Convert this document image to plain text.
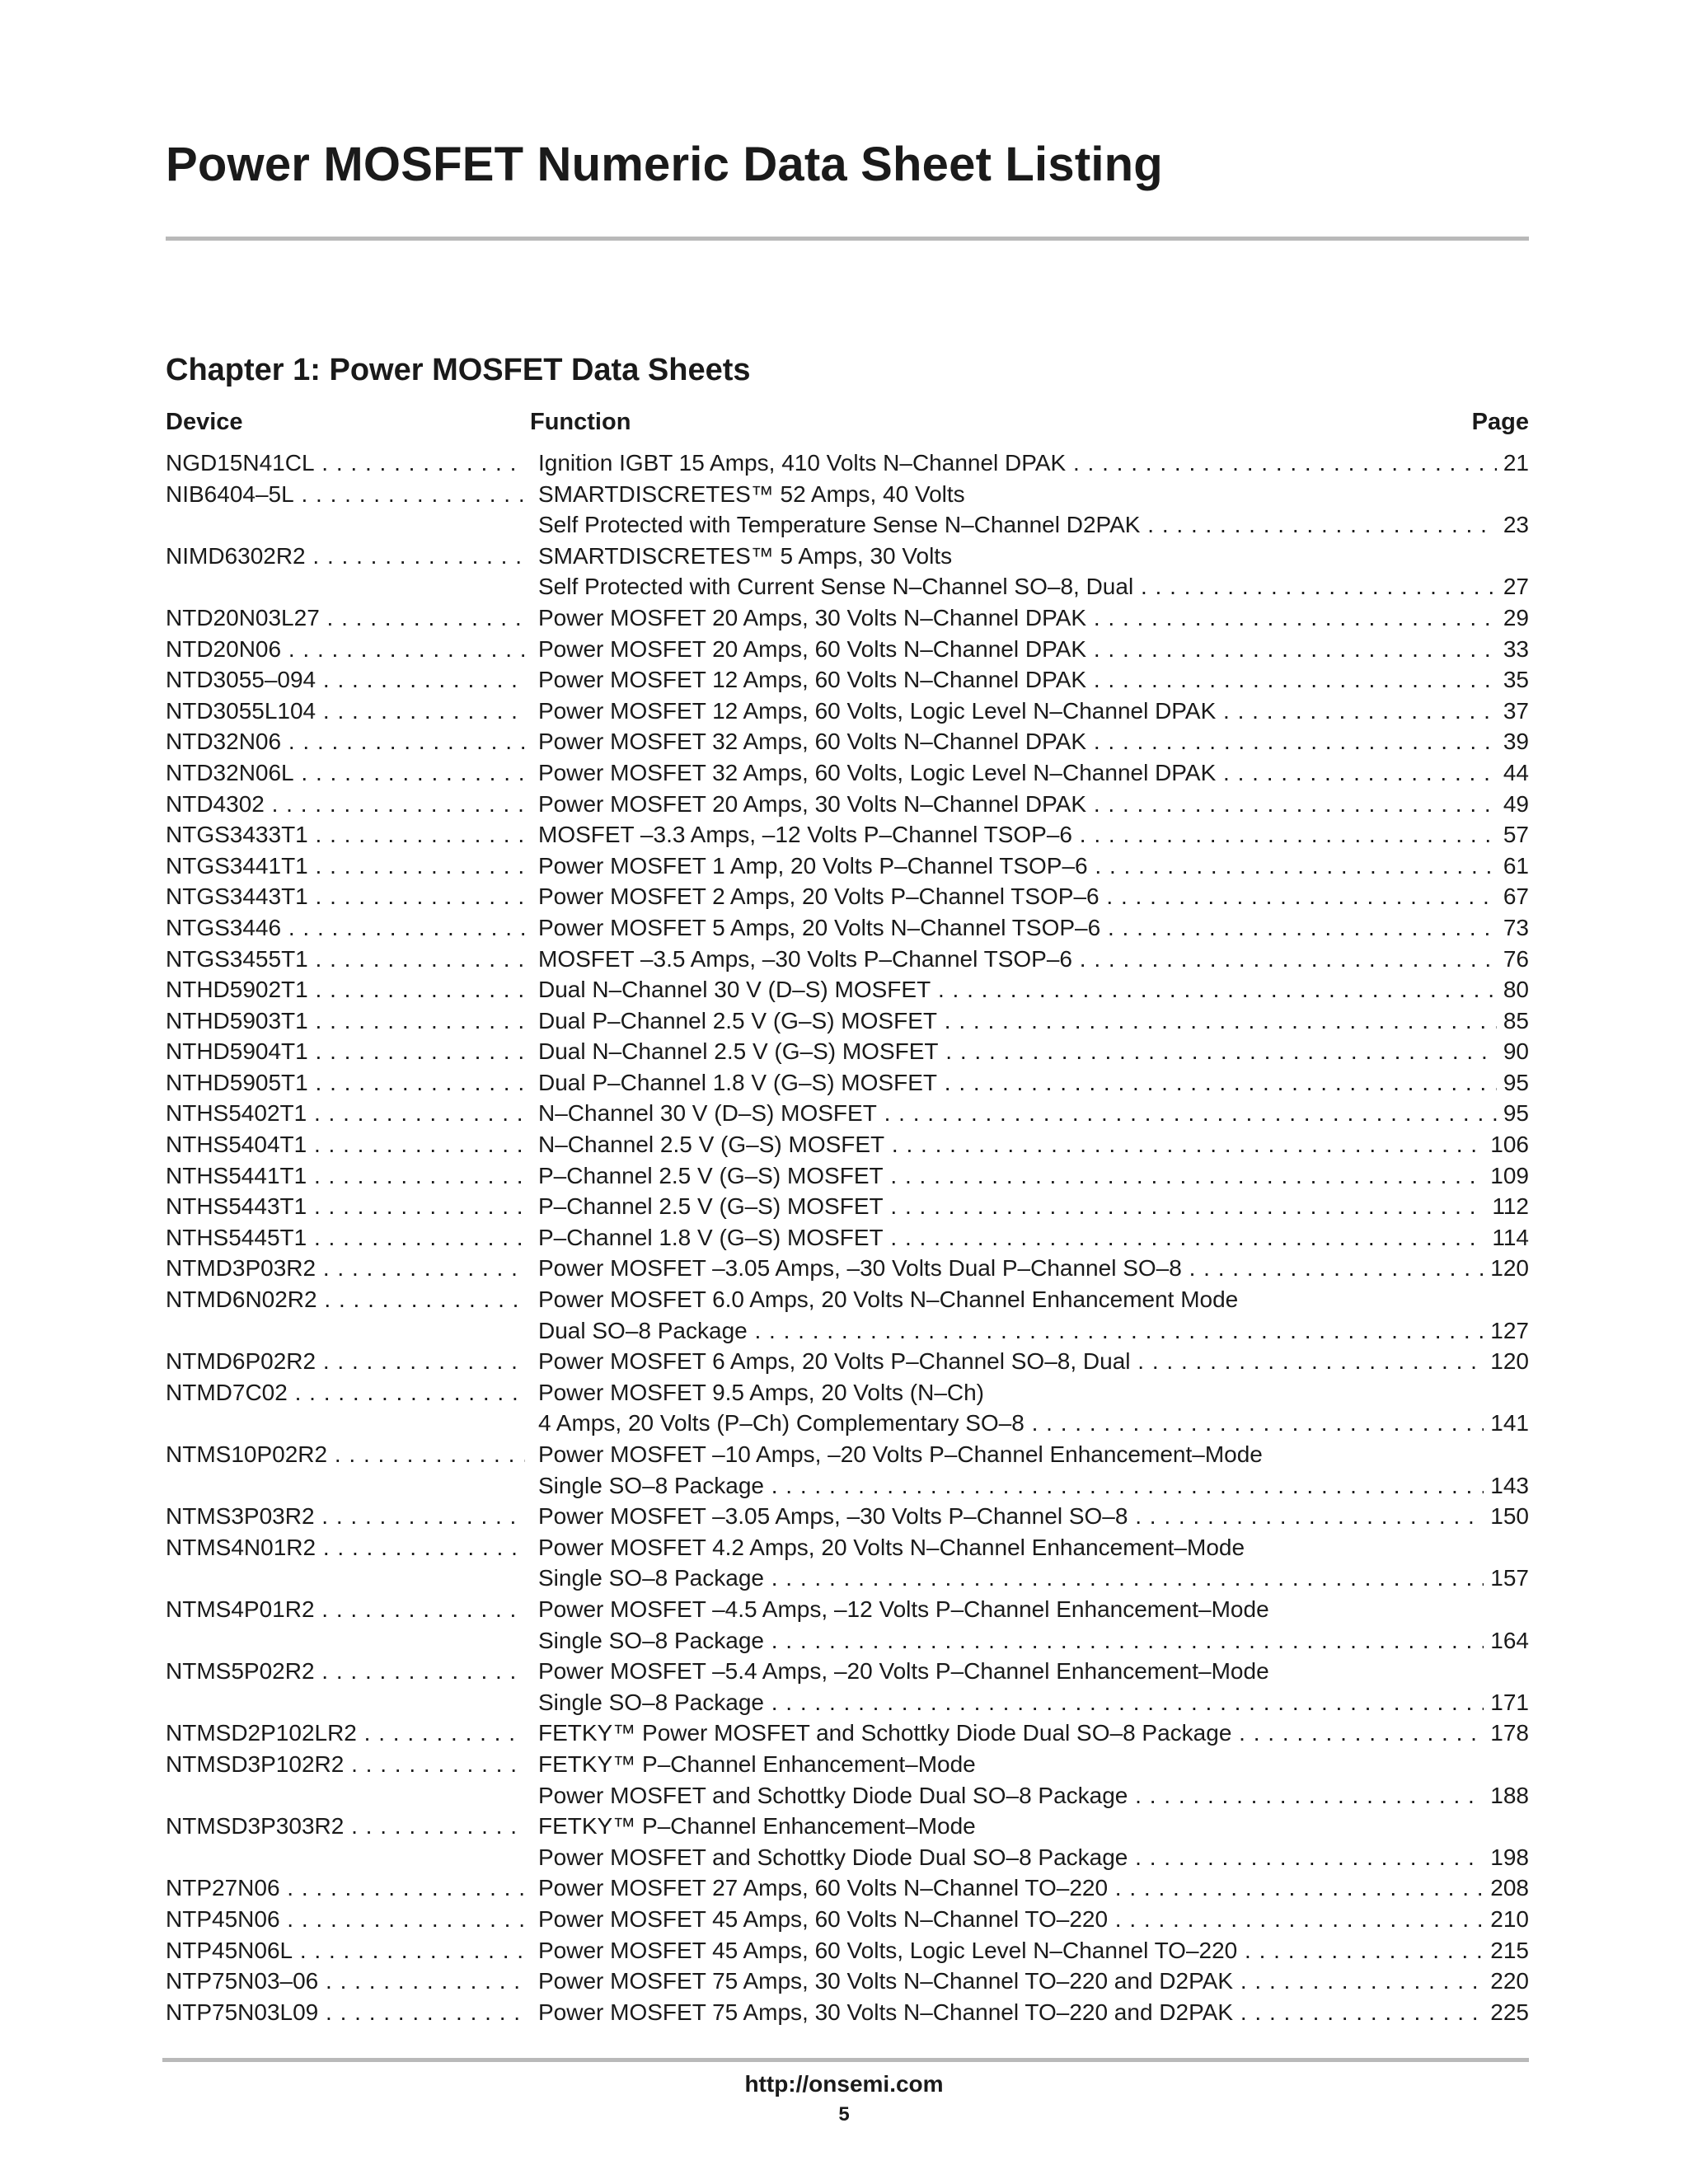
Power MOSFET Numeric Data Sheet Listing
Chapter 1: Power MOSFET Data Sheets
Device	Function	Page
NGD15N41CL . . .	Ignition IGBT 15 Amps, 410 Volts N–Channel DPAK . . .	21
NIB6404–5L . . .	SMARTDISCRETES™ 52 Amps, 40 Volts
Self Protected with Temperature Sense N–Channel D2PAK . . .	23
NIMD6302R2 . . .	SMARTDISCRETES™ 5 Amps, 30 Volts
Self Protected with Current Sense N–Channel SO–8, Dual . . .	27
NTD20N03L27 . . .	Power MOSFET 20 Amps, 30 Volts N–Channel DPAK . . .	29
NTD20N06 . . .	Power MOSFET 20 Amps, 60 Volts N–Channel DPAK . . .	33
NTD3055–094 . . .	Power MOSFET 12 Amps, 60 Volts N–Channel DPAK . . .	35
NTD3055L104 . . .	Power MOSFET 12 Amps, 60 Volts, Logic Level N–Channel DPAK . . .	37
NTD32N06 . . .	Power MOSFET 32 Amps, 60 Volts N–Channel DPAK . . .	39
NTD32N06L . . .	Power MOSFET 32 Amps, 60 Volts, Logic Level N–Channel DPAK . . .	44
NTD4302 . . .	Power MOSFET 20 Amps, 30 Volts N–Channel DPAK . . .	49
NTGS3433T1 . . .	MOSFET –3.3 Amps, –12 Volts P–Channel TSOP–6 . . .	57
NTGS3441T1 . . .	Power MOSFET 1 Amp, 20 Volts P–Channel TSOP–6 . . .	61
NTGS3443T1 . . .	Power MOSFET 2 Amps, 20 Volts P–Channel TSOP–6 . . .	67
NTGS3446 . . .	Power MOSFET 5 Amps, 20 Volts N–Channel TSOP–6 . . .	73
NTGS3455T1 . . .	MOSFET –3.5 Amps, –30 Volts P–Channel TSOP–6 . . .	76
NTHD5902T1 . . .	Dual N–Channel 30 V (D–S) MOSFET . . .	80
NTHD5903T1 . . .	Dual P–Channel 2.5 V (G–S) MOSFET . . .	85
NTHD5904T1 . . .	Dual N–Channel 2.5 V (G–S) MOSFET . . .	90
NTHD5905T1 . . .	Dual P–Channel 1.8 V (G–S) MOSFET . . .	95
NTHS5402T1 . . .	N–Channel 30 V (D–S) MOSFET . . .	95
NTHS5404T1 . . .	N–Channel 2.5 V (G–S) MOSFET . . .	106
NTHS5441T1 . . .	P–Channel 2.5 V (G–S) MOSFET . . .	109
NTHS5443T1 . . .	P–Channel 2.5 V (G–S) MOSFET . . .	112
NTHS5445T1 . . .	P–Channel 1.8 V (G–S) MOSFET . . .	114
NTMD3P03R2 . . .	Power MOSFET –3.05 Amps, –30 Volts Dual P–Channel SO–8 . . .	120
NTMD6N02R2 . . .	Power MOSFET 6.0 Amps, 20 Volts N–Channel Enhancement Mode
Dual SO–8 Package . . .	127
NTMD6P02R2 . . .	Power MOSFET 6 Amps, 20 Volts P–Channel SO–8, Dual . . .	120
NTMD7C02 . . .	Power MOSFET 9.5 Amps, 20 Volts (N–Ch)
4 Amps, 20 Volts (P–Ch) Complementary SO–8 . . .	141
NTMS10P02R2 . . .	Power MOSFET –10 Amps, –20 Volts P–Channel Enhancement–Mode
Single SO–8 Package . . .	143
NTMS3P03R2 . . .	Power MOSFET –3.05 Amps, –30 Volts P–Channel SO–8 . . .	150
NTMS4N01R2 . . .	Power MOSFET 4.2 Amps, 20 Volts N–Channel Enhancement–Mode
Single SO–8 Package . . .	157
NTMS4P01R2 . . .	Power MOSFET –4.5 Amps, –12 Volts P–Channel Enhancement–Mode
Single SO–8 Package . . .	164
NTMS5P02R2 . . .	Power MOSFET –5.4 Amps, –20 Volts P–Channel Enhancement–Mode
Single SO–8 Package . . .	171
NTMSD2P102LR2 . . .	FETKY™ Power MOSFET and Schottky Diode Dual SO–8 Package . . .	178
NTMSD3P102R2 . . .	FETKY™ P–Channel Enhancement–Mode
Power MOSFET and Schottky Diode Dual SO–8 Package . . .	188
NTMSD3P303R2 . . .	FETKY™ P–Channel Enhancement–Mode
Power MOSFET and Schottky Diode Dual SO–8 Package . . .	198
NTP27N06 . . .	Power MOSFET 27 Amps, 60 Volts N–Channel TO–220 . . .	208
NTP45N06 . . .	Power MOSFET 45 Amps, 60 Volts N–Channel TO–220 . . .	210
NTP45N06L . . .	Power MOSFET 45 Amps, 60 Volts, Logic Level N–Channel TO–220 . . .	215
NTP75N03–06 . . .	Power MOSFET 75 Amps, 30 Volts N–Channel TO–220 and D2PAK . . .	220
NTP75N03L09 . . .	Power MOSFET 75 Amps, 30 Volts N–Channel TO–220 and D2PAK . . .	225
http://onsemi.com
5
